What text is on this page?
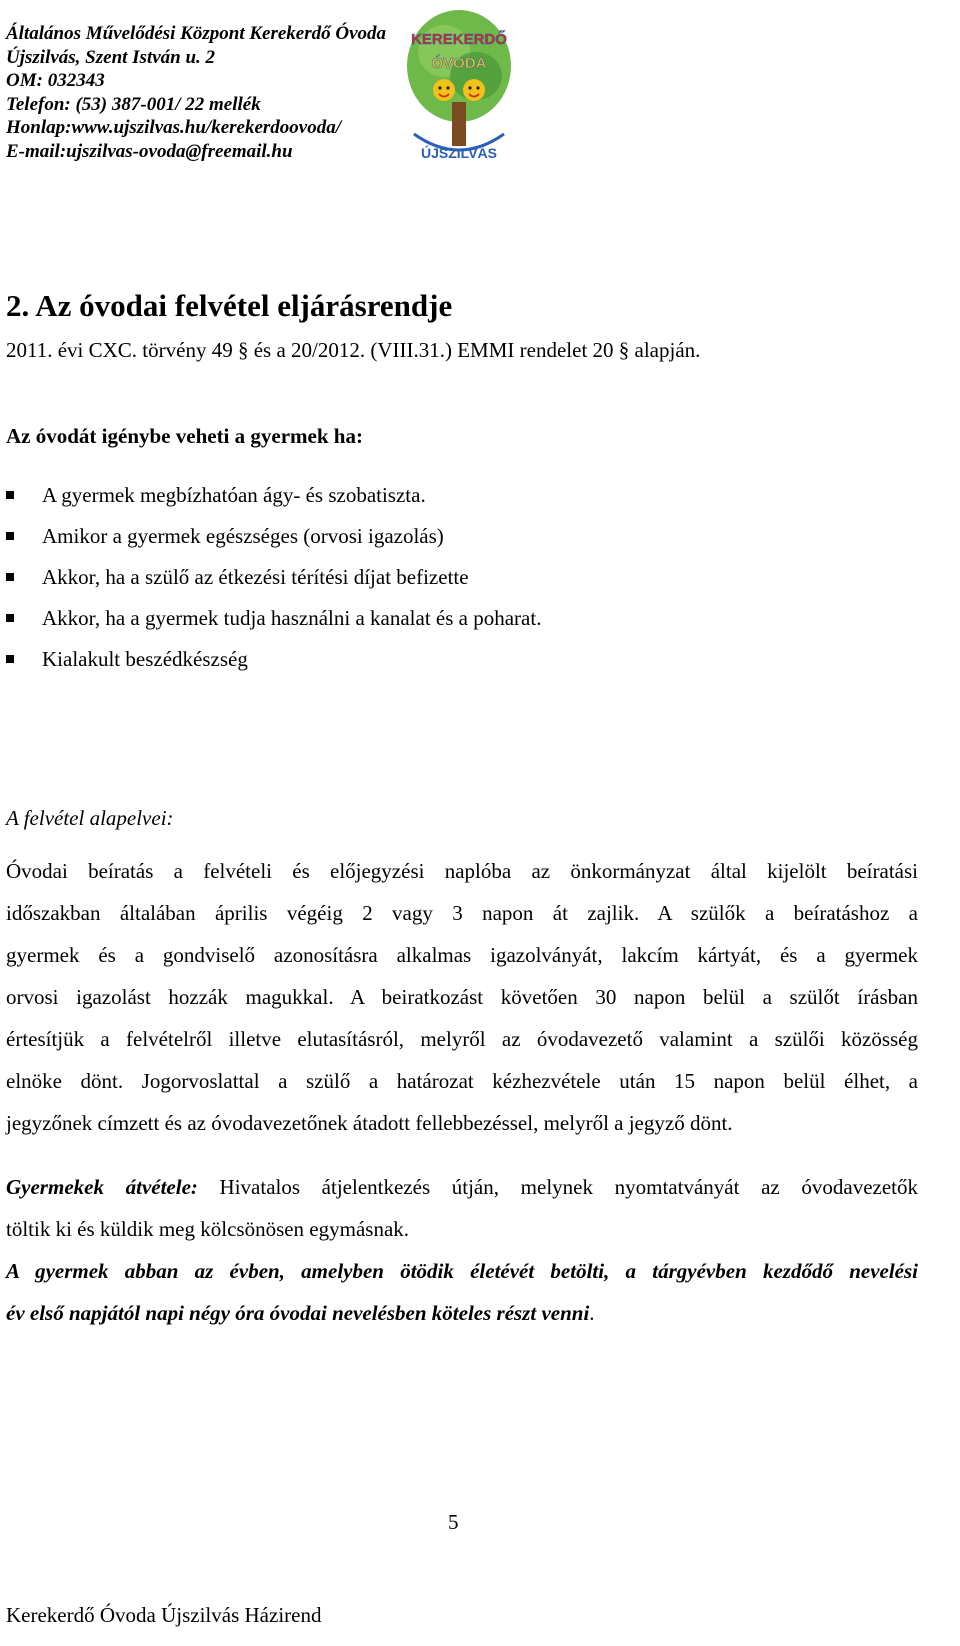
Általános Művelődési Központ Kerekerdő Óvoda
Újszilvás, Szent István u. 2
OM: 032343
Telefon: (53) 387-001/ 22 mellék
Honlap:www.ujszilvas.hu/kerekerdoovoda/
E-mail:ujszilvas-ovoda@freemail.hu
KEREKERDŐ
ÓVODA
ÚJSZILVÁS
2. Az óvodai felvétel eljárásrendje
2011. évi CXC. törvény 49 § és a 20/2012. (VIII.31.) EMMI rendelet 20 § alapján.
Az óvodát igénybe veheti a gyermek ha:
A gyermek megbízhatóan ágy- és szobatiszta.
Amikor a gyermek egészséges (orvosi igazolás)
Akkor, ha a szülő az étkezési térítési díjat befizette
Akkor, ha a gyermek tudja használni a kanalat és a poharat.
Kialakult beszédkészség
A felvétel alapelvei:
Óvodai beíratás a felvételi és előjegyzési naplóba az önkormányzat által kijelölt beíratási
időszakban általában április végéig 2 vagy 3 napon át zajlik. A szülők a beíratáshoz a
gyermek és a gondviselő azonosításra alkalmas igazolványát, lakcím kártyát, és a gyermek
orvosi igazolást hozzák magukkal. A beiratkozást követően 30 napon belül a szülőt írásban
értesítjük a felvételről illetve elutasításról, melyről az óvodavezető valamint a szülői közösség
elnöke dönt. Jogorvoslattal a szülő a határozat kézhezvétele után 15 napon belül élhet, a
jegyzőnek címzett és az óvodavezetőnek átadott fellebbezéssel, melyről a jegyző dönt.
Gyermekek átvétele: Hivatalos átjelentkezés útján, melynek nyomtatványát az óvodavezetők
töltik ki és küldik meg kölcsönösen egymásnak.
A gyermek abban az évben, amelyben ötödik életévét betölti, a tárgyévben kezdődő nevelési
év első napjától napi négy óra óvodai nevelésben köteles részt venni.
5
Kerekerdő Óvoda Újszilvás Házirend
